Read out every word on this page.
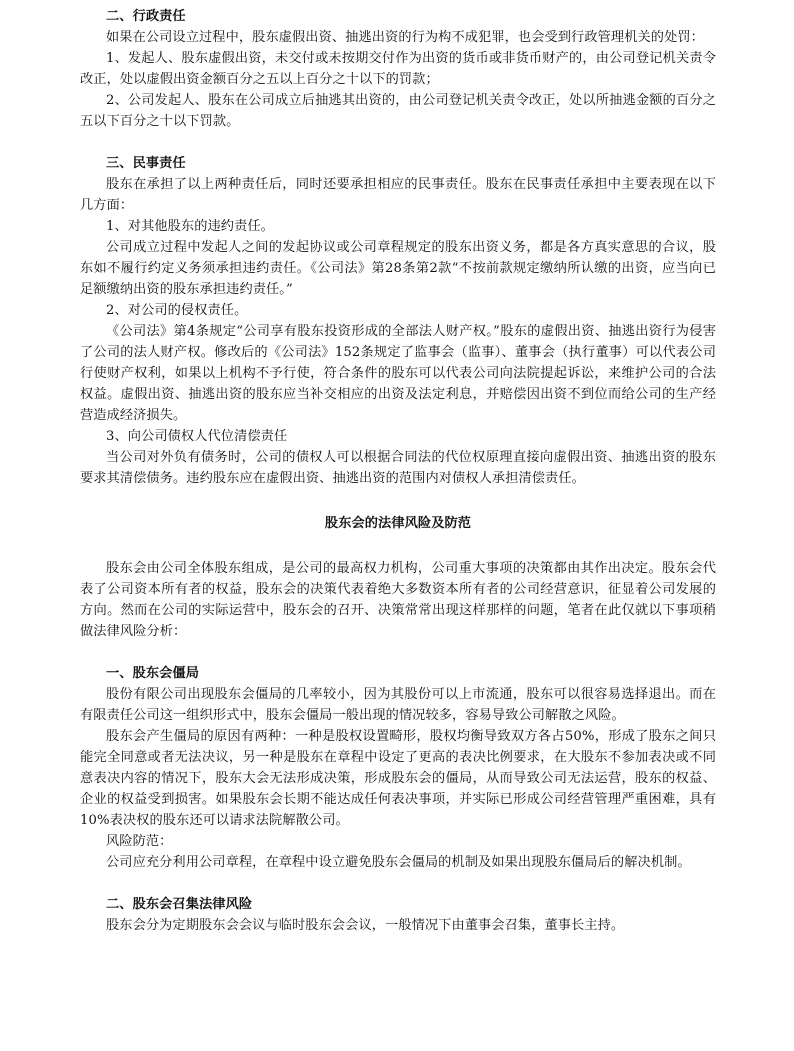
二、行政责任

如果在公司设立过程中，股东虚假出资、抽逃出资的行为构不成犯罪，也会受到行政管理机关的处罚：

1、发起人、股东虚假出资，未交付或未按期交付作为出资的货币或非货币财产的，由公司登记机关责令改正，处以虚假出资金额百分之五以上百分之十以下的罚款；

2、公司发起人、股东在公司成立后抽逃其出资的，由公司登记机关责令改正，处以所抽逃金额的百分之五以下百分之十以下罚款。

三、民事责任

股东在承担了以上两种责任后，同时还要承担相应的民事责任。股东在民事责任承担中主要表现在以下几方面：

1、对其他股东的违约责任。

公司成立过程中发起人之间的发起协议或公司章程规定的股东出资义务，都是各方真实意思的合议，股东如不履行约定义务须承担违约责任。《公司法》第28条第2款“不按前款规定缴纳所认缴的出资，应当向已足额缴纳出资的股东承担违约责任。”

2、对公司的侵权责任。

《公司法》第4条规定“公司享有股东投资形成的全部法人财产权。”股东的虚假出资、抽逃出资行为侵害了公司的法人财产权。修改后的《公司法》152条规定了监事会（监事）、董事会（执行董事）可以代表公司行使财产权利，如果以上机构不予行使，符合条件的股东可以代表公司向法院提起诉讼，来维护公司的合法权益。虚假出资、抽逃出资的股东应当补交相应的出资及法定利息，并赔偿因出资不到位而给公司的生产经营造成经济损失。

3、向公司债权人代位清偿责任

当公司对外负有债务时，公司的债权人可以根据合同法的代位权原理直接向虚假出资、抽逃出资的股东要求其清偿债务。违约股东应在虚假出资、抽逃出资的范围内对债权人承担清偿责任。

股东会的法律风险及防范

股东会由公司全体股东组成，是公司的最高权力机构，公司重大事项的决策都由其作出决定。股东会代表了公司资本所有者的权益，股东会的决策代表着绝大多数资本所有者的公司经营意识，征显着公司发展的方向。然而在公司的实际运营中，股东会的召开、决策常常出现这样那样的问题，笔者在此仅就以下事项稍做法律风险分析：

一、股东会僵局

股份有限公司出现股东会僵局的几率较小，因为其股份可以上市流通，股东可以很容易选择退出。而在有限责任公司这一组织形式中，股东会僵局一般出现的情况较多，容易导致公司解散之风险。

股东会产生僵局的原因有两种：一种是股权设置畸形，股权均衡导致双方各占50%，形成了股东之间只能完全同意或者无法决议，另一种是股东在章程中设定了更高的表决比例要求，在大股东不参加表决或不同意表决内容的情况下，股东大会无法形成决策，形成股东会的僵局，从而导致公司无法运营，股东的权益、企业的权益受到损害。如果股东会长期不能达成任何表决事项，并实际已形成公司经营管理严重困难，具有10%表决权的股东还可以请求法院解散公司。

风险防范：

公司应充分利用公司章程，在章程中设立避免股东会僵局的机制及如果出现股东僵局后的解决机制。

二、股东会召集法律风险

股东会分为定期股东会会议与临时股东会会议，一般情况下由董事会召集，董事长主持。
